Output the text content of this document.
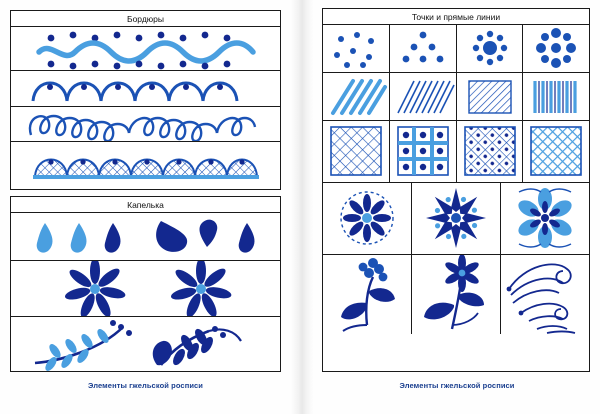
Бордюры
Капелька
Элементы гжельской росписи
Точки и прямые линии
Элементы гжельской росписи
